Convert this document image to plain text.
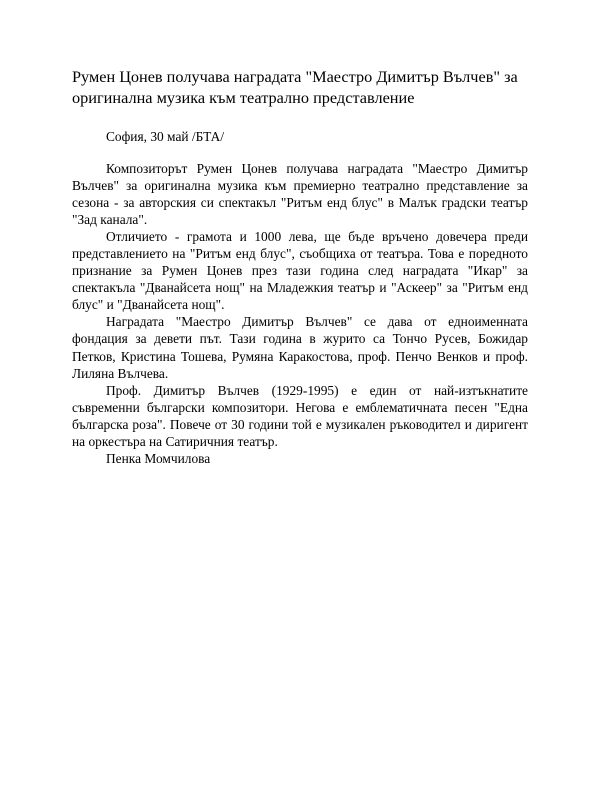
Румен Цонев получава наградата "Маестро Димитър Вълчев" за оригинална музика към театрално представление

София, 30 май /БТА/

Композиторът Румен Цонев получава наградата "Маестро Димитър Вълчев" за оригинална музика към премиерно театрално представление за сезона - за авторския си спектакъл "Ритъм енд блус" в Малък градски театър "Зад канала".

Отличието - грамота и 1000 лева, ще бъде връчено довечера преди представлението на "Ритъм енд блус", съобщиха от театъра. Това е поредното признание за Румен Цонев през тази година след наградата "Икар" за спектакъла "Дванайсета нощ" на Младежкия театър и "Аскеер" за "Ритъм енд блус" и "Дванайсета нощ".

Наградата "Маестро Димитър Вълчев" се дава от едноименната фондация за девети път. Тази година в журито са Тончо Русев, Божидар Петков, Кристина Тошева, Румяна Каракостова, проф. Пенчо Венков и проф. Лиляна Вълчева.

Проф. Димитър Вълчев (1929-1995) е един от най-изтъкнатите съвременни български композитори. Негова е емблематичната песен "Една българска роза". Повече от 30 години той е музикален ръководител и диригент на оркестъра на Сатиричния театър.

Пенка Момчилова
